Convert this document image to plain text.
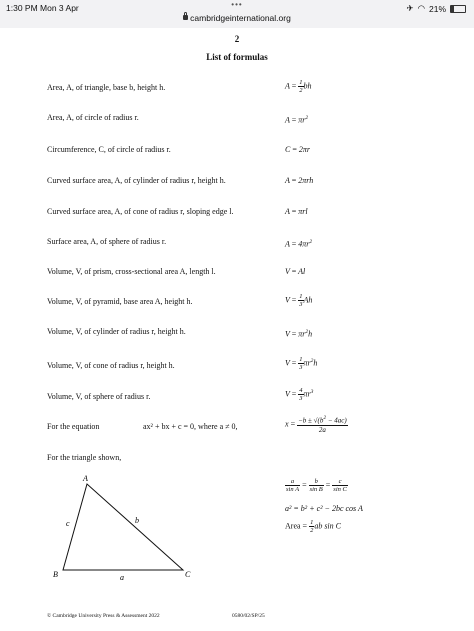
1:30 PM Mon 3 Apr	•••
cambridgeinternational.org
✈ ◠ 21%
2
List of formulas
Area, A, of triangle, base b, height h.	$A = \frac{1}{2}$ bh
Area, A, of circle of radius r.	$A = \pi r^2$
Circumference, C, of circle of radius r.	C = 2πr
Curved surface area, A, of cylinder of radius r, height h.	A = 2πrh
Curved surface area, A, of cone of radius r, sloping edge l.	A = πrl
Surface area, A, of sphere of radius r.	$A = 4\pi r^2$
Volume, V, of prism, cross-sectional area A, length l.	V = Al
Volume, V, of pyramid, base area A, height h.	$V = \frac{1}{3}$ Ah
Volume, V, of cylinder of radius r, height h.	$V = \pi r^2h$
Volume, V, of cone of radius r, height h.	$V = \frac{1}{3} \pi r^2h$
Volume, V, of sphere of radius r.	$V = \frac{4}{3} \pi r^3$
For the equation	ax² + bx + c = 0, where a ≠ 0,	$x = \frac{-b \pm √(b^2 - 4ac)}{2a}$
For the triangle shown,
A
B	C
a
b
c
$\frac{a}{\text{sin A}} = \frac{b}{\text{sin B}} = \frac{c}{\text{sin C}}$
a² = b² + c² − 2bc cos A
Area = $\frac{1}{2}$ ab sin C
© Cambridge University Press & Assessment 2022	0580/02/SP/25
